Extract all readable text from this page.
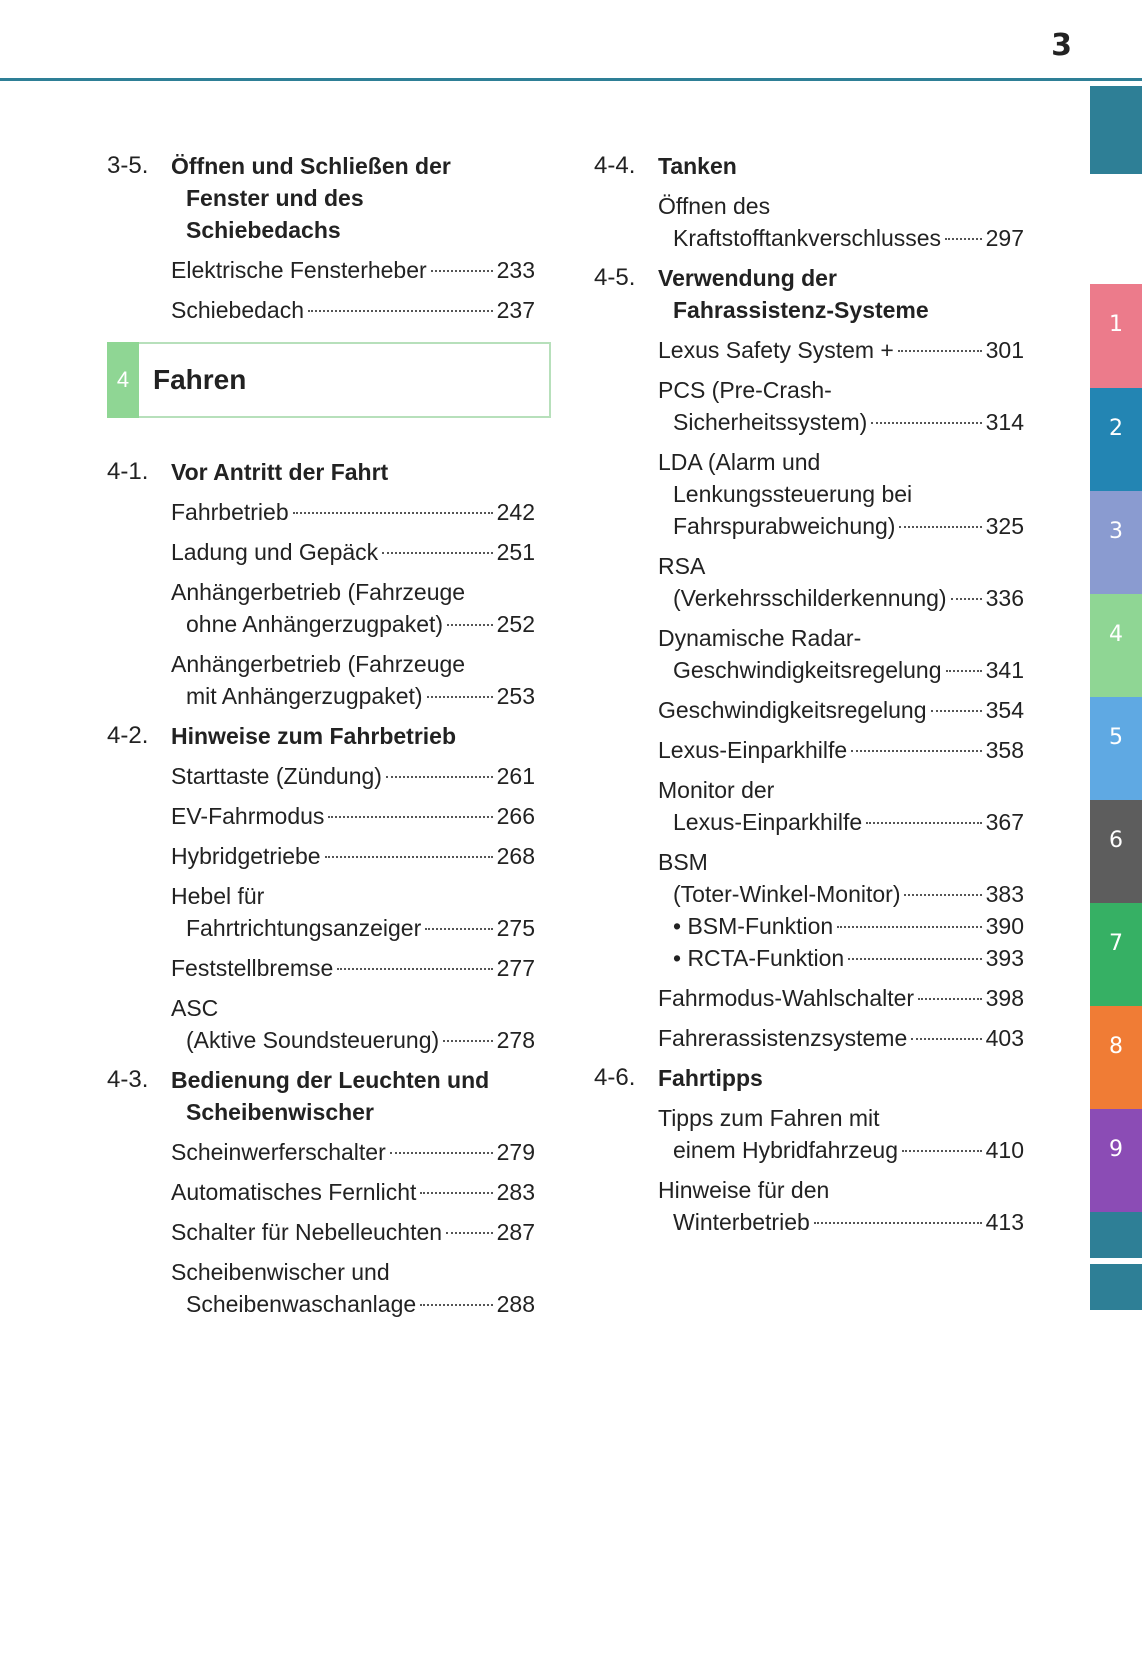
3
1
2
3
4
5
6
7
8
9
3-5. Öffnen und Schließen der
Fenster und des
Schiebedachs
Elektrische Fensterheber	233
Schiebedach	237
4 Fahren
4-1. Vor Antritt der Fahrt
Fahrbetrieb	242
Ladung und Gepäck	251
Anhängerbetrieb (Fahrzeuge
ohne Anhängerzugpaket) 252
Anhängerbetrieb (Fahrzeuge
mit Anhängerzugpaket)	253
4-2. Hinweise zum Fahrbetrieb
Starttaste (Zündung)	261
EV-Fahrmodus	266
Hybridgetriebe	268
Hebel für
Fahrtrichtungsanzeiger	275
Feststellbremse	277
ASC
(Aktive Soundsteuerung) 278
4-3. Bedienung der Leuchten und
Scheibenwischer
Scheinwerferschalter	279
Automatisches Fernlicht	283
Schalter für Nebelleuchten 287
Scheibenwischer und
Scheibenwaschanlage	288
4-4. Tanken
Öffnen des
Kraftstofftankverschlusses 297
4-5. Verwendung der
Fahrassistenz-Systeme
Lexus Safety System +	301
PCS (Pre-Crash-
Sicherheitssystem)	314
LDA (Alarm und
Lenkungssteuerung bei
Fahrspurabweichung)	325
RSA
(Verkehrsschilderkennung) 336
Dynamische Radar-
Geschwindigkeitsregelung 341
Geschwindigkeitsregelung	354
Lexus-Einparkhilfe	358
Monitor der
Lexus-Einparkhilfe	367
BSM
(Toter-Winkel-Monitor)	383
• BSM-Funktion	390
• RCTA-Funktion	393
Fahrmodus-Wahlschalter	398
Fahrerassistenzsysteme	403
4-6. Fahrtipps
Tipps zum Fahren mit
einem Hybridfahrzeug	410
Hinweise für den
Winterbetrieb	413
